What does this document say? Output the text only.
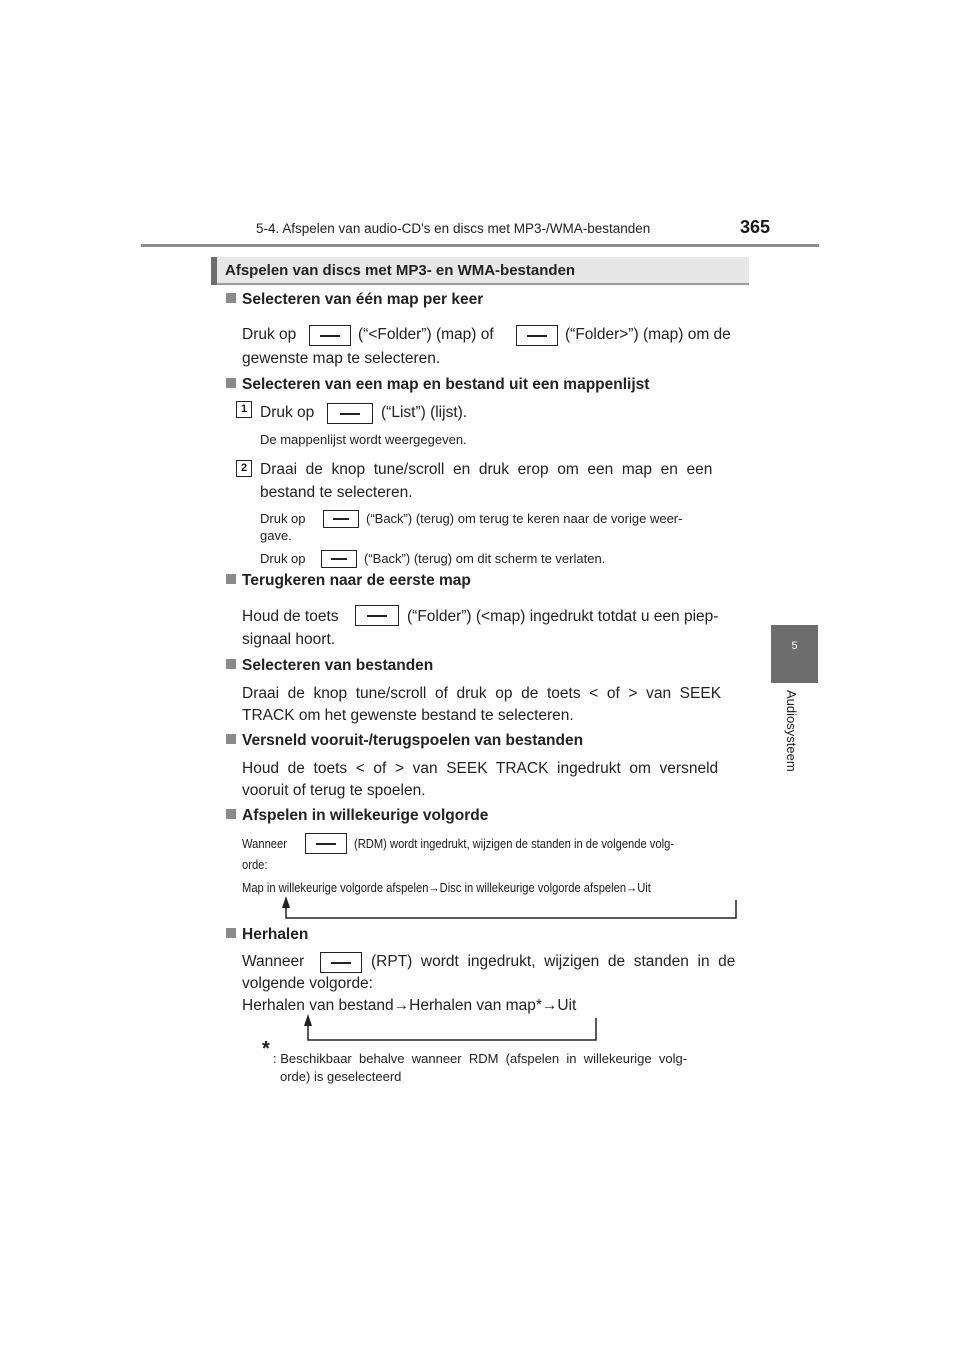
5-4. Afspelen van audio-CD's en discs met MP3-/WMA-bestanden	365
5
Audiosysteem
Afspelen van discs met MP3- en WMA-bestanden
Selecteren van één map per keer
Druk op	(“<Folder”) (map) of	(“Folder>”) (map) om de
gewenste map te selecteren.
Selecteren van een map en bestand uit een mappenlijst
1 Druk op	(“List”) (lijst).
De mappenlijst wordt weergegeven.
2 Draai  de  knop  tune/scroll  en  druk  erop  om  een  map  en  een
bestand te selecteren.
Druk op	(“Back”) (terug) om terug te keren naar de vorige weer-
gave.
Druk op	(“Back”) (terug) om dit scherm te verlaten.
Terugkeren naar de eerste map
Houd de toets	(“Folder”) (<map) ingedrukt totdat u een piep-
signaal hoort.
Selecteren van bestanden
Draai  de  knop  tune/scroll  of  druk  op  de  toets  <  of  >  van  SEEK
TRACK om het gewenste bestand te selecteren.
Versneld vooruit-/terugspoelen van bestanden
Houd  de  toets  <  of  >  van  SEEK  TRACK  ingedrukt  om  versneld
vooruit of terug te spoelen.
Afspelen in willekeurige volgorde
Wanneer	(RDM) wordt ingedrukt, wijzigen de standen in de volgende volg-
orde:
Map in willekeurige volgorde afspelen→Disc in willekeurige volgorde afspelen→Uit
Herhalen
Wanneer	(RPT)  wordt  ingedrukt,  wijzigen  de  standen  in  de
volgende volgorde:
Herhalen van bestand→Herhalen van map*→Uit
* : Beschikbaar  behalve  wanneer  RDM  (afspelen  in  willekeurige  volg-
orde) is geselecteerd
